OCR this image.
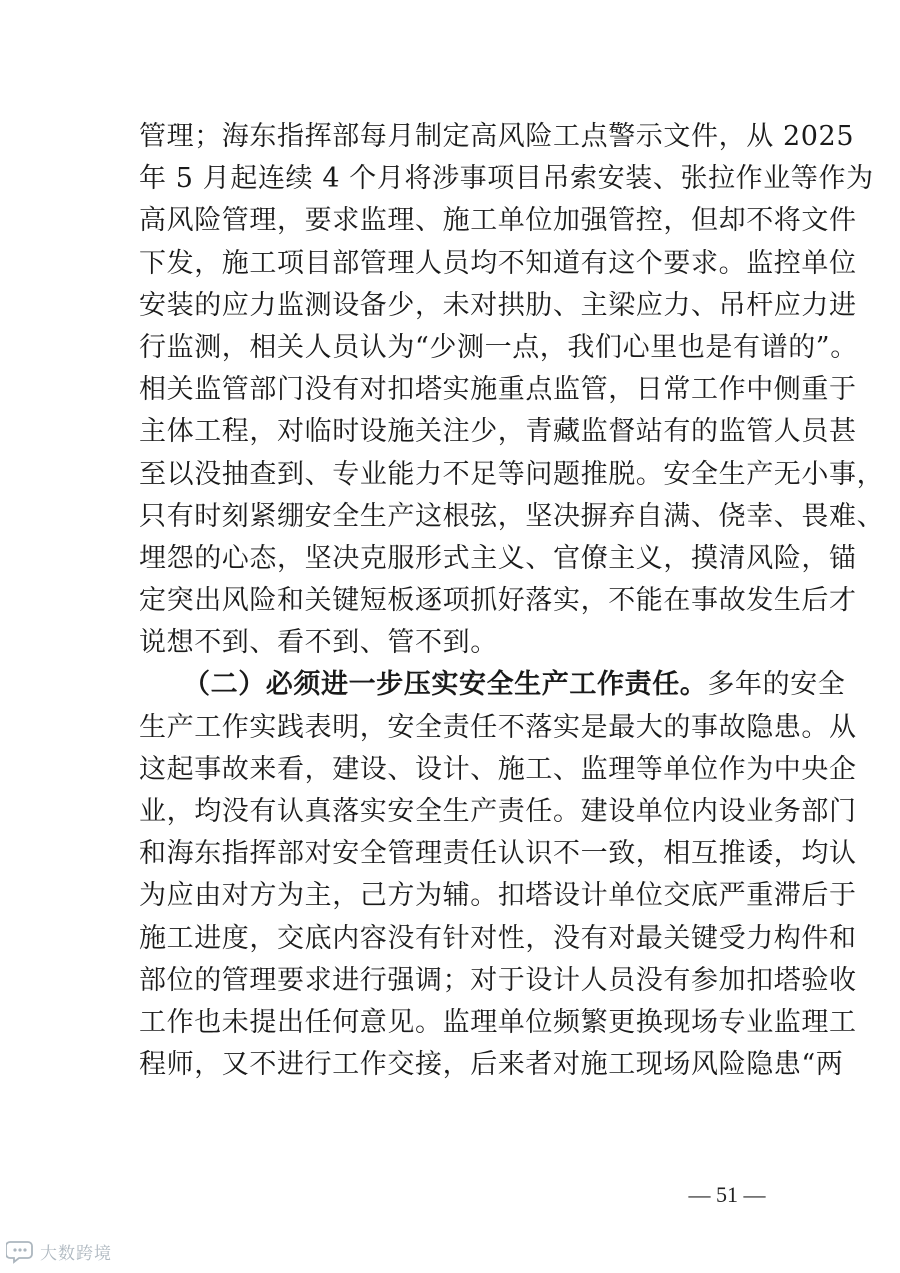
管理；海东指挥部每月制定高风险工点警示文件，从 2025
年 5 月起连续 4 个月将涉事项目吊索安装、张拉作业等作为
高风险管理，要求监理、施工单位加强管控，但却不将文件
下发，施工项目部管理人员均不知道有这个要求。监控单位
安装的应力监测设备少，未对拱肋、主梁应力、吊杆应力进
行监测，相关人员认为“少测一点，我们心里也是有谱的”。
相关监管部门没有对扣塔实施重点监管，日常工作中侧重于
主体工程，对临时设施关注少，青藏监督站有的监管人员甚
至以没抽查到、专业能力不足等问题推脱。安全生产无小事，
只有时刻紧绷安全生产这根弦，坚决摒弃自满、侥幸、畏难、
埋怨的心态，坚决克服形式主义、官僚主义，摸清风险，锚
定突出风险和关键短板逐项抓好落实，不能在事故发生后才
说想不到、看不到、管不到。
（二）必须进一步压实安全生产工作责任。多年的安全
生产工作实践表明，安全责任不落实是最大的事故隐患。从
这起事故来看，建设、设计、施工、监理等单位作为中央企
业，均没有认真落实安全生产责任。建设单位内设业务部门
和海东指挥部对安全管理责任认识不一致，相互推诿，均认
为应由对方为主，己方为辅。扣塔设计单位交底严重滞后于
施工进度，交底内容没有针对性，没有对最关键受力构件和
部位的管理要求进行强调；对于设计人员没有参加扣塔验收
工作也未提出任何意见。监理单位频繁更换现场专业监理工
程师，又不进行工作交接，后来者对施工现场风险隐患“两
— 51 —
大数跨境
